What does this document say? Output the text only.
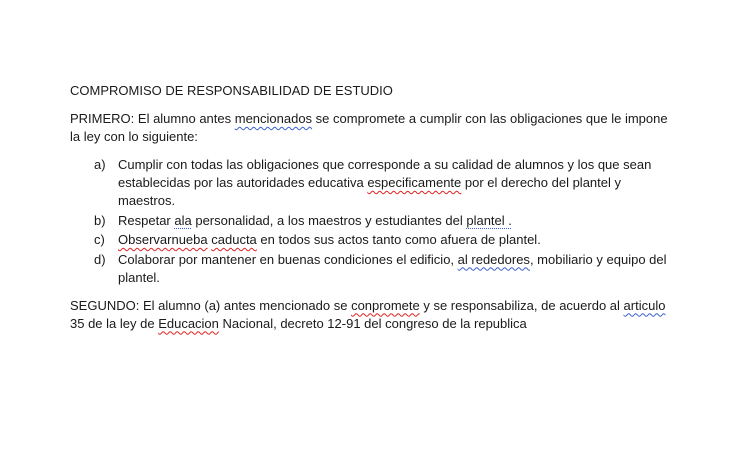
COMPROMISO DE RESPONSABILIDAD DE ESTUDIO

PRIMERO: El alumno antes mencionados se compromete a cumplir con las obligaciones que le impone la ley con lo siguiente:

a) Cumplir con todas las obligaciones que corresponde a su calidad de alumnos y los que sean establecidas por las autoridades educativa especificamente por el derecho del plantel y maestros.
b) Respetar ala personalidad, a los maestros y estudiantes del plantel .
c) Observarnueba caducta en todos sus actos tanto como afuera de plantel.
d) Colaborar por mantener en buenas condiciones el edificio, al rededores, mobiliario y equipo del plantel.

SEGUNDO: El alumno (a) antes mencionado se conpromete y se responsabiliza, de acuerdo al articulo 35 de la ley de Educacion Nacional, decreto 12-91 del congreso de la republica
